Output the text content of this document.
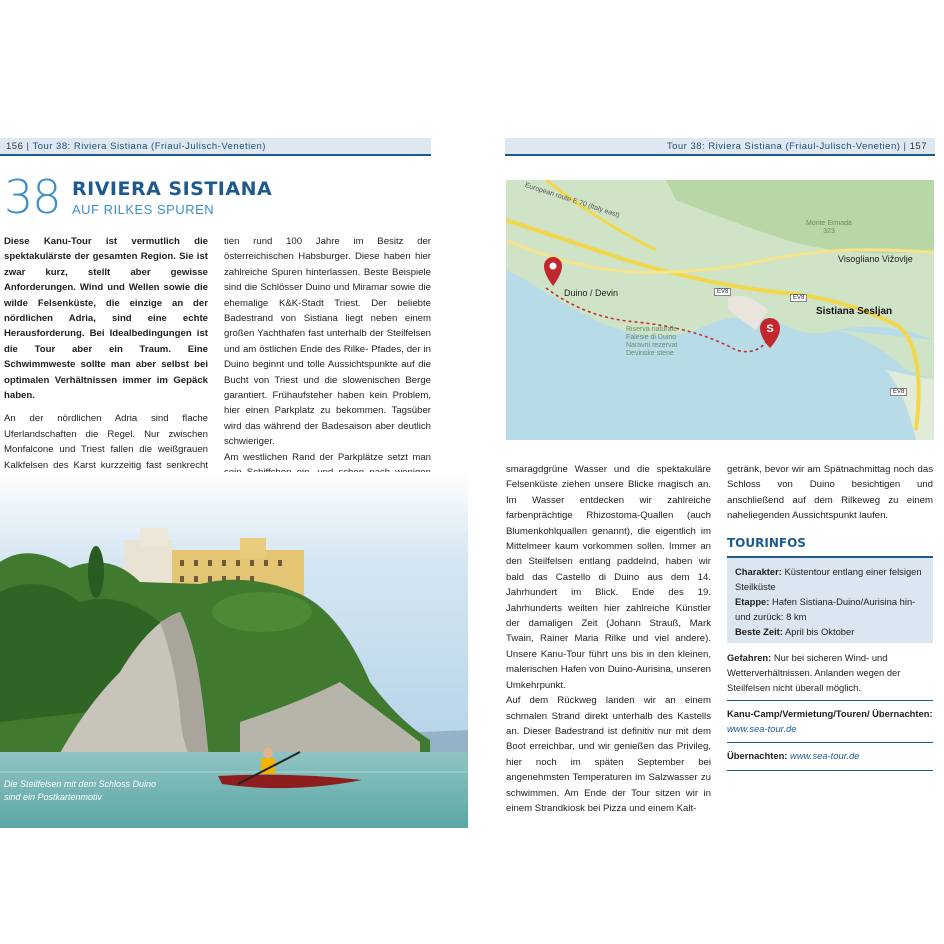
156 | Tour 38: Riviera Sistiana (Friaul-Julisch-Venetien)	Tour 38: Riviera Sistiana (Friaul-Julisch-Venetien) | 157
38 RIVIERA SISTIANA
AUF RILKES SPUREN

Diese Kanu-Tour ist vermutlich die spektakulärste der gesamten Region. Sie ist zwar kurz, stellt aber gewisse Anforderungen. Wind und Wellen sowie die wilde Felsenküste, die einzige an der nördlichen Adria, sind eine echte Herausforderung. Bei Idealbedingungen ist die Tour aber ein Traum. Eine Schwimmweste sollte man aber selbst bei optimalen Verhältnissen immer im Gepäck haben.

An der nördlichen Adria sind flache Uferlandschaften die Regel. Nur zwischen Monfalcone und Triest fallen die weißgrauen Kalkfelsen des Karst kurzzeitig fast senkrecht

tien rund 100 Jahre im Besitz der österreichischen Habsburger. Diese haben hier zahlreiche Spuren hinterlassen. Beste Beispiele sind die Schlösser Duino und Miramar sowie die ehemalige K&K-Stadt Triest. Der beliebte Badestrand von Sistiana liegt neben einem großen Yachthafen fast unterhalb der Steilfelsen und am östlichen Ende des Rilke- Pfades, der in Duino beginnt und tolle Aussichtspunkte auf die Bucht von Triest und die slowenischen Berge garantiert. Frühaufsteher haben kein Problem, hier einen Parkplatz zu bekommen. Tagsüber wird das während der Badesaison aber deutlich schwieriger.

Am westlichen Rand der Parkplätze setzt man

Die Steilfelsen mit dem Schloss Duino
sind ein Postkartenmotiv
S
European route E 70 (Italy east)
Duino / Devin
Visogliano Vižovlje
Sistiana Sesljan
Riserva naturale
Falesie di Duino
Naravni rezervat
Devinske stene
Monte Ermada
323
EV8
EV8
EV8

smaragdgrüne Wasser und die spektakuläre Felsenküste ziehen unsere Blicke magisch an. Im Wasser entdecken wir zahlreiche farbenprächtige Rhizostoma-Quallen (auch Blumenkohlquallen genannt), die eigentlich im Mittelmeer kaum vorkommen sollen. Immer an den Steilfelsen entlang paddelnd, haben wir bald das Castello di Duino aus dem 14. Jahrhundert im Blick. Ende des 19. Jahrhunderts weilten hier zahlreiche Künstler der damaligen Zeit (Johann Strauß, Mark Twain, Rainer Maria Rilke und viel andere). Unsere Kanu-Tour führt uns bis in den kleinen, malerischen Hafen von Duino-Aurisina, unseren Umkehrpunkt.

Auf dem Rückweg landen wir an einem schmalen Strand direkt unterhalb des Kastells an. Dieser Badestrand ist definitiv nur mit dem Boot erreichbar, und wir genießen das Privileg, hier noch im späten September bei angenehmsten Temperaturen im Salzwasser zu schwimmen. Am Ende der Tour sitzen wir in einem Strandkiosk bei Pizza und einem Kalt-

getränk, bevor wir am Spätnachmittag noch das Schloss von Duino besichtigen und anschließend auf dem Rilkeweg zu einem naheliegenden Aussichtspunkt laufen.

TOURINFOS
Charakter: Küstentour entlang einer felsigen Steilküste
Etappe: Hafen Sistiana-Duino/Aurisina hin- und zurück: 8 km
Beste Zeit: April bis Oktober
Gefahren: Nur bei sicheren Wind- und Wetterverhältnissen. Anlanden wegen der Steilfelsen nicht überall möglich.
Kanu-Camp/Vermietung/Touren/ Übernachten: www.sea-tour.de
Übernachten: www.sea-tour.de
